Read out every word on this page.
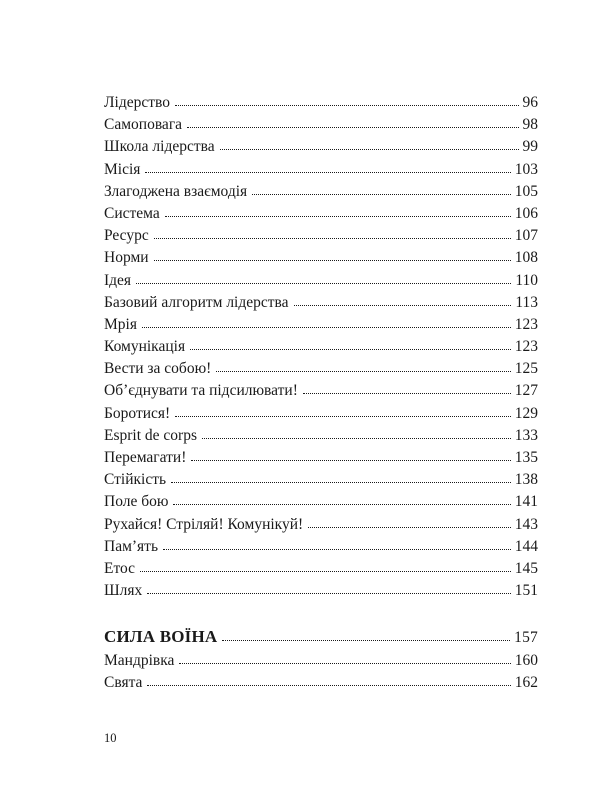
Лідерство	96
Самоповага	98
Школа лідерства	99
Місія	103
Злагоджена взаємодія	105
Система	106
Ресурс	107
Норми	108
Ідея	110
Базовий алгоритм лідерства	113
Мрія	123
Комунікація	123
Вести за собою!	125
Об’єднувати та підсилювати!	127
Боротися!	129
Esprit de corps	133
Перемагати!	135
Стійкість	138
Поле бою	141
Рухайся! Стріляй! Комунікуй!	143
Пам’ять	144
Етос	145
Шлях	151
СИЛА ВОЇНА	157
Мандрівка	160
Свята	162
10
